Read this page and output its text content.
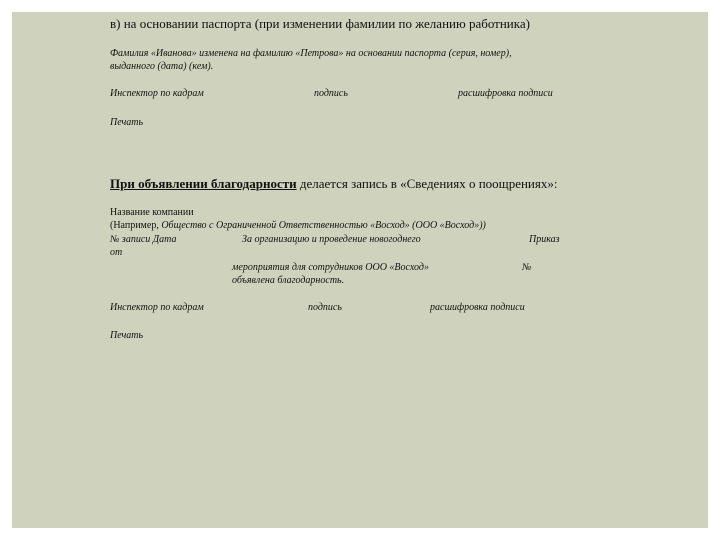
в) на основании паспорта (при изменении фамилии по желанию работника)
Фамилия «Иванова» изменена на фамилию «Петрова» на основании паспорта (серия, номер),
выданного (дата) (кем).
Инспектор по кадрам	подпись	расшифровка подписи
Печать
При объявлении благодарности делается запись в «Сведениях о поощрениях»:
Название компании
(Например, Общество с Ограниченной Ответственностью «Восход» (ООО «Восход»))
№ записи Дата	За организацию и проведение новогоднего	Приказ
от
мероприятия для сотрудников ООО «Восход»	№
объявлена благодарность.
Инспектор по кадрам	подпись	расшифровка подписи
Печать
